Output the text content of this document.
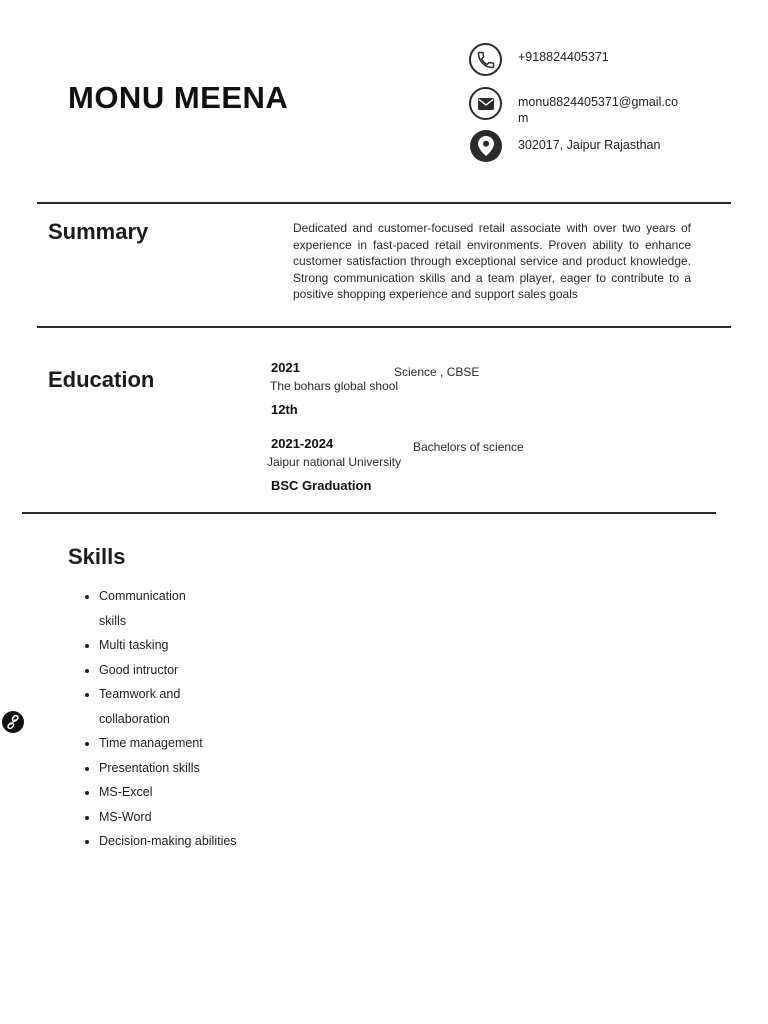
MONU MEENA
+918824405371
monu8824405371@gmail.com
302017, Jaipur Rajasthan
Summary	Dedicated and customer-focused retail associate with over two years of experience in fast-paced retail environments. Proven ability to enhance customer satisfaction through exceptional service and product knowledge. Strong communication skills and a team player, eager to contribute to a positive shopping experience and support sales goals
Education	2021	Science , CBSE
The bohars global shool
12th
2021-2024	Bachelors of science
Jaipur national University
BSC Graduation
Skills
• Communication skills
• Multi tasking
• Good intructor
• Teamwork and collaboration
• Time management
• Presentation skills
• MS-Excel
• MS-Word
• Decision-making abilities
